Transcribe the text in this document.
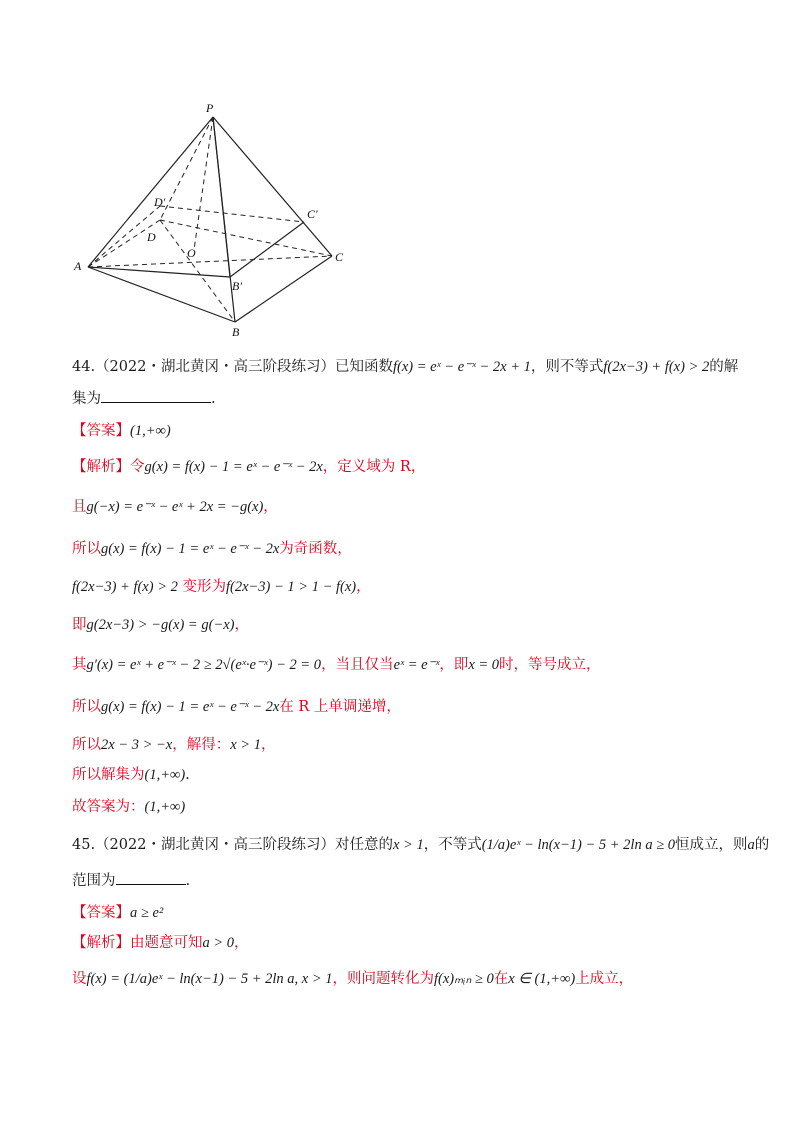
P
D'
D
O
C'
C
A
B'
B
44.（2022・湖北黄冈・高三阶段练习）已知函数f(x) = eˣ − e⁻ˣ − 2x + 1，则不等式f(2x−3) + f(x) > 2的解
集为	.
【答案】(1,+∞)
【解析】令g(x) = f(x) − 1 = eˣ − e⁻ˣ − 2x，定义域为 R，
且g(−x) = e⁻ˣ − eˣ + 2x = −g(x)，
所以g(x) = f(x) − 1 = eˣ − e⁻ˣ − 2x为奇函数，
f(2x−3) + f(x) > 2 变形为f(2x−3) − 1 > 1 − f(x)，
即g(2x−3) > −g(x) = g(−x)，
其g′(x) = eˣ + e⁻ˣ − 2 ≥ 2√(eˣ·e⁻ˣ) − 2 = 0，当且仅当eˣ = e⁻ˣ，即x = 0时，等号成立，
所以g(x) = f(x) − 1 = eˣ − e⁻ˣ − 2x在 R 上单调递增，
所以2x − 3 > −x，解得：x > 1，
所以解集为(1,+∞).
故答案为：(1,+∞)
45.（2022・湖北黄冈・高三阶段练习）对任意的x > 1，不等式(1/a)eˣ − ln(x−1) − 5 + 2ln a ≥ 0恒成立，则a的
范围为	.
【答案】a ≥ e²
【解析】由题意可知a > 0，
设f(x) = (1/a)eˣ − ln(x−1) − 5 + 2ln a, x > 1，则问题转化为f(x)ₘᵢₙ ≥ 0在x ∈ (1,+∞)上成立，
